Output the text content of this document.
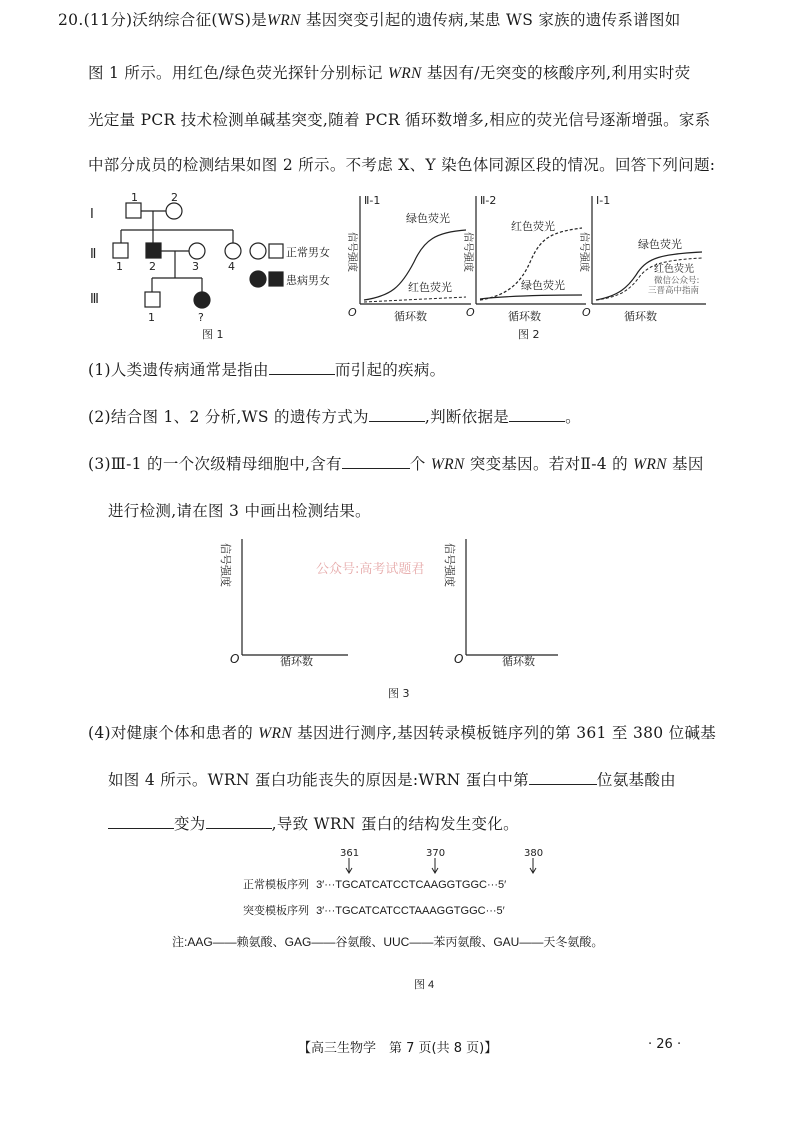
20.(11分)沃纳综合征(WS)是WRN 基因突变引起的遗传病,某患 WS 家族的遗传系谱图如
图 1 所示。用红色/绿色荧光探针分别标记 WRN 基因有/无突变的核酸序列,利用实时荧
光定量 PCR 技术检测单碱基突变,随着 PCR 循环数增多,相应的荧光信号逐渐增强。家系
中部分成员的检测结果如图 2 所示。不考虑 X、Y 染色体同源区段的情况。回答下列问题:
Ⅰ
Ⅱ
Ⅲ
1	2
1 2	3	4
1	?
正常男女
患病男女
图 1
Ⅱ-1
信号强度
O	循环数
绿色荧光
红色荧光
Ⅱ-2
信号强度
O	循环数
红色荧光
绿色荧光
Ⅰ-1
信号强度
O	循环数
绿色荧光
红色荧光
微信公众号:
三晋高中指南
图 2
(1)人类遗传病通常是指由	而引起的疾病。
(2)结合图 1、2 分析,WS 的遗传方式为	,判断依据是	。
(3)Ⅲ-1 的一个次级精母细胞中,含有	个 WRN 突变基因。若对Ⅱ-4 的 WRN 基因
进行检测,请在图 3 中画出检测结果。
信号强度
O	循环数
信号强度
O	循环数
公众号:高考试题君
图 3
(4)对健康个体和患者的 WRN 基因进行测序,基因转录模板链序列的第 361 至 380 位碱基
如图 4 所示。WRN 蛋白功能丧失的原因是:WRN 蛋白中第	位氨基酸由
变为	,导致 WRN 蛋白的结构发生变化。
361	370	380
正常模板序列 3′···TGCATCATCCTCAAGGTGGC···5′
突变模板序列 3′···TGCATCATCCTAAAGGTGGC···5′
注:AAG——赖氨酸、GAG——谷氨酸、UUC——苯丙氨酸、GAU——天冬氨酸。
图 4
【高三生物学　第 7 页(共 8 页)】	· 26 ·
